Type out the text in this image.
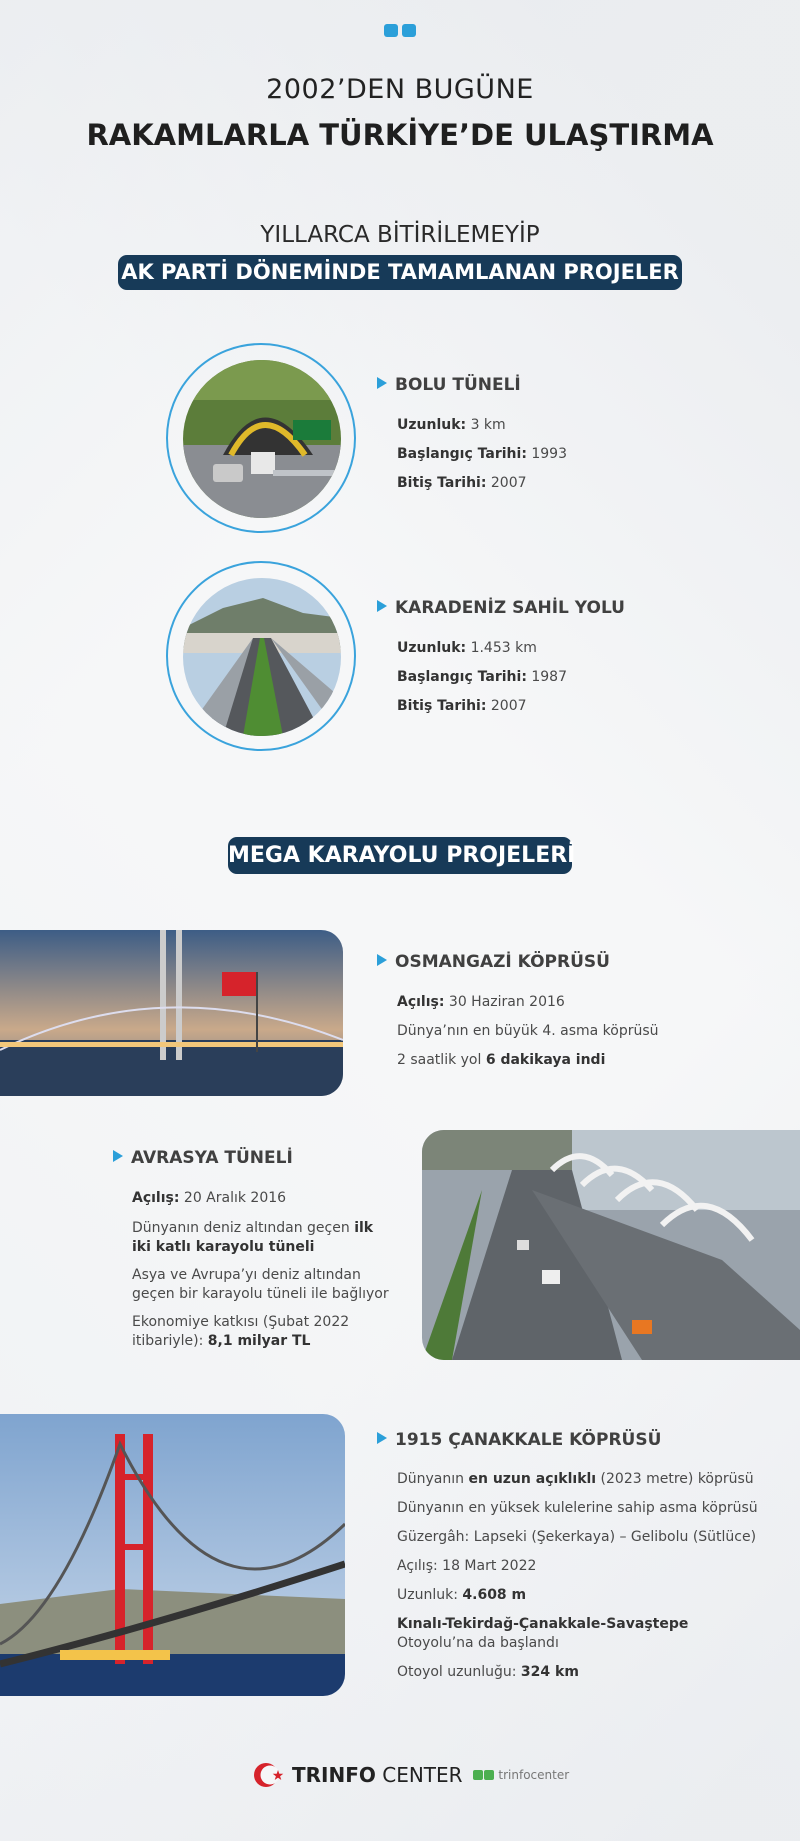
2002’DEN BUGÜNE
RAKAMLARLA TÜRKİYE’DE ULAŞTIRMA
YILLARCA BİTİRİLEMEYİP
AK PARTİ DÖNEMİNDE TAMAMLANAN PROJELER
BOLU TÜNELİ
Uzunluk: 3 km
Başlangıç Tarihi: 1993
Bitiş Tarihi: 2007
KARADENİZ SAHİL YOLU
Uzunluk: 1.453 km
Başlangıç Tarihi: 1987
Bitiş Tarihi: 2007
MEGA KARAYOLU PROJELERİ
OSMANGAZİ KÖPRÜSÜ
Açılış: 30 Haziran 2016
Dünya’nın en büyük 4. asma köprüsü
2 saatlik yol 6 dakikaya indi
AVRASYA TÜNELİ
Açılış: 20 Aralık 2016
Dünyanın deniz altından geçen ilk iki katlı karayolu tüneli
Asya ve Avrupa’yı deniz altından geçen bir karayolu tüneli ile bağlıyor
Ekonomiye katkısı (Şubat 2022 itibariyle): 8,1 milyar TL
1915 ÇANAKKALE KÖPRÜSÜ
Dünyanın en uzun açıklıklı (2023 metre) köprüsü
Dünyanın en yüksek kulelerine sahip asma köprüsü
Güzergâh: Lapseki (Şekerkaya) – Gelibolu (Sütlüce)
Açılış: 18 Mart 2022
Uzunluk: 4.608 m
Kınalı-Tekirdağ-Çanakkale-Savaştepe Otoyolu’na da başlandı
Otoyol uzunluğu: 324 km
TRINFO CENTER	trinfocenter
